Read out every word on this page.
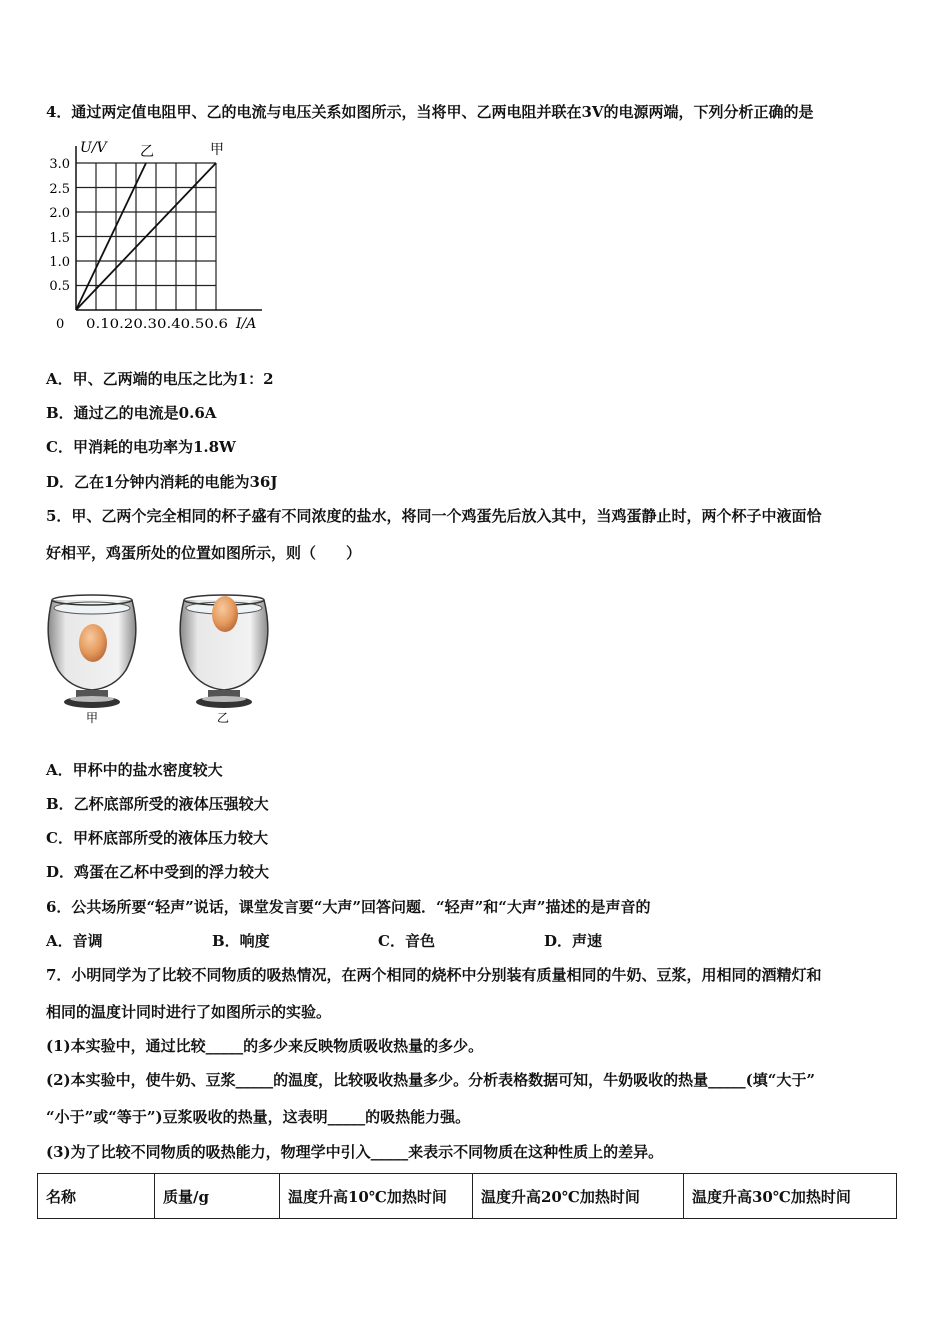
4．通过两定值电阻甲、乙的电流与电压关系如图所示，当将甲、乙两电阻并联在3V的电源两端，下列分析正确的是
U/V 乙	甲
3.0
2.5
2.0
1.5
1.0
0.5
0 0.10.20.30.40.50.6 I/A
A．甲、乙两端的电压之比为1：2
B．通过乙的电流是0.6A
C．甲消耗的电功率为1.8W
D．乙在1分钟内消耗的电能为36J
5．甲、乙两个完全相同的杯子盛有不同浓度的盐水，将同一个鸡蛋先后放入其中，当鸡蛋静止时，两个杯子中液面恰
好相平，鸡蛋所处的位置如图所示，则（　　）
甲	乙
A．甲杯中的盐水密度较大
B．乙杯底部所受的液体压强较大
C．甲杯底部所受的液体压力较大
D．鸡蛋在乙杯中受到的浮力较大
6．公共场所要“轻声”说话，课堂发言要“大声”回答问题．“轻声”和“大声”描述的是声音的
A．音调	B．响度	C．音色	D．声速
7．小明同学为了比较不同物质的吸热情况，在两个相同的烧杯中分别装有质量相同的牛奶、豆浆，用相同的酒精灯和
相同的温度计同时进行了如图所示的实验。
(1)本实验中，通过比较_____的多少来反映物质吸收热量的多少。
(2)本实验中，使牛奶、豆浆_____的温度，比较吸收热量多少。分析表格数据可知，牛奶吸收的热量_____(填“大于”
“小于”或“等于”)豆浆吸收的热量，这表明_____的吸热能力强。
(3)为了比较不同物质的吸热能力，物理学中引入_____来表示不同物质在这种性质上的差异。
名称	质量/g	温度升高10℃加热时间	温度升高20℃加热时间	温度升高30℃加热时间
